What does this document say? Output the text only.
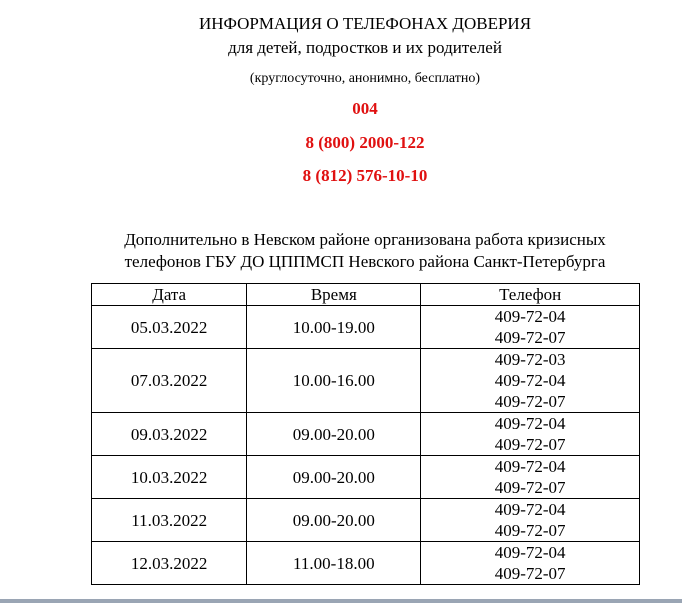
ИНФОРМАЦИЯ О ТЕЛЕФОНАХ ДОВЕРИЯ
для детей, подростков и их родителей
(круглосуточно, анонимно, бесплатно)
004
8 (800) 2000-122
8 (812) 576-10-10
Дополнительно в Невском районе организована работа кризисных
телефонов ГБУ ДО ЦППМСП Невского района Санкт-Петербурга
Дата	Время	Телефон
05.03.2022	10.00-19.00	409-72-04
409-72-07

07.03.2022	10.00-16.00	409-72-03
409-72-04
409-72-07

09.03.2022	09.00-20.00	409-72-04
409-72-07

10.03.2022	09.00-20.00	409-72-04
409-72-07

11.03.2022	09.00-20.00	409-72-04
409-72-07

12.03.2022	11.00-18.00	409-72-04
409-72-07
